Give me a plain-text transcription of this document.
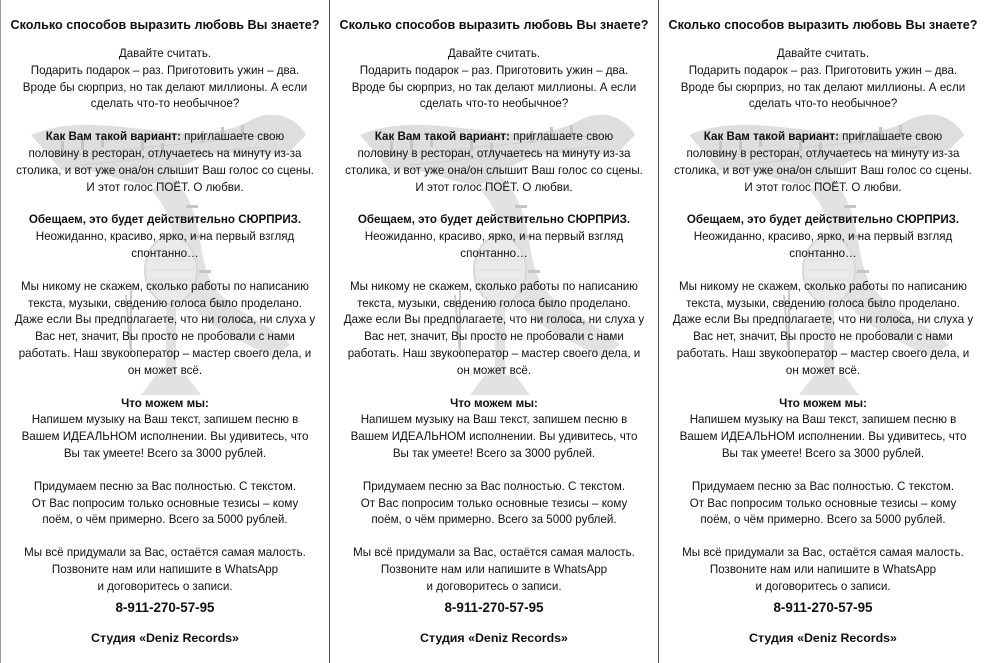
Сколько способов выразить любовь Вы знаете?

Давайте считать.
Подарить подарок – раз. Приготовить ужин – два.
Вроде бы сюрприз, но так делают миллионы. А если
сделать что-то необычное?

Как Вам такой вариант: приглашаете свою
половину в ресторан, отлучаетесь на минуту из-за
столика, и вот уже она/он слышит Ваш голос со сцены.
И этот голос ПОЁТ. О любви.

Обещаем, это будет действительно СЮРПРИЗ.
Неожиданно, красиво, ярко, и на первый взгляд
спонтанно…

Мы никому не скажем, сколько работы по написанию
текста, музыки, сведению голоса было проделано.
Даже если Вы предполагаете, что ни голоса, ни слуха у
Вас нет, значит, Вы просто не пробовали с нами
работать. Наш звукооператор – мастер своего дела, и
он может всё.

Что можем мы:

Напишем музыку на Ваш текст, запишем песню в
Вашем ИДЕАЛЬНОМ исполнении. Вы удивитесь, что
Вы так умеете! Всего за 3000 рублей.

Придумаем песню за Вас полностью. С текстом.
От Вас попросим только основные тезисы – кому
поём, о чём примерно. Всего за 5000 рублей.

Мы всё придумали за Вас, остаётся самая малость.
Позвоните нам или напишите в WhatsApp
и договоритесь о записи.

8-911-270-57-95

Студия «Deniz Records»

Сколько способов выразить любовь Вы знаете?

Давайте считать.
Подарить подарок – раз. Приготовить ужин – два.
Вроде бы сюрприз, но так делают миллионы. А если
сделать что-то необычное?

Как Вам такой вариант: приглашаете свою
половину в ресторан, отлучаетесь на минуту из-за
столика, и вот уже она/он слышит Ваш голос со сцены.
И этот голос ПОЁТ. О любви.

Обещаем, это будет действительно СЮРПРИЗ.
Неожиданно, красиво, ярко, и на первый взгляд
спонтанно…

Мы никому не скажем, сколько работы по написанию
текста, музыки, сведению голоса было проделано.
Даже если Вы предполагаете, что ни голоса, ни слуха у
Вас нет, значит, Вы просто не пробовали с нами
работать. Наш звукооператор – мастер своего дела, и
он может всё.

Что можем мы:

Напишем музыку на Ваш текст, запишем песню в
Вашем ИДЕАЛЬНОМ исполнении. Вы удивитесь, что
Вы так умеете! Всего за 3000 рублей.

Придумаем песню за Вас полностью. С текстом.
От Вас попросим только основные тезисы – кому
поём, о чём примерно. Всего за 5000 рублей.

Мы всё придумали за Вас, остаётся самая малость.
Позвоните нам или напишите в WhatsApp
и договоритесь о записи.

8-911-270-57-95

Студия «Deniz Records»

Сколько способов выразить любовь Вы знаете?

Давайте считать.
Подарить подарок – раз. Приготовить ужин – два.
Вроде бы сюрприз, но так делают миллионы. А если
сделать что-то необычное?

Как Вам такой вариант: приглашаете свою
половину в ресторан, отлучаетесь на минуту из-за
столика, и вот уже она/он слышит Ваш голос со сцены.
И этот голос ПОЁТ. О любви.

Обещаем, это будет действительно СЮРПРИЗ.
Неожиданно, красиво, ярко, и на первый взгляд
спонтанно…

Мы никому не скажем, сколько работы по написанию
текста, музыки, сведению голоса было проделано.
Даже если Вы предполагаете, что ни голоса, ни слуха у
Вас нет, значит, Вы просто не пробовали с нами
работать. Наш звукооператор – мастер своего дела, и
он может всё.

Что можем мы:

Напишем музыку на Ваш текст, запишем песню в
Вашем ИДЕАЛЬНОМ исполнении. Вы удивитесь, что
Вы так умеете! Всего за 3000 рублей.

Придумаем песню за Вас полностью. С текстом.
От Вас попросим только основные тезисы – кому
поём, о чём примерно. Всего за 5000 рублей.

Мы всё придумали за Вас, остаётся самая малость.
Позвоните нам или напишите в WhatsApp
и договоритесь о записи.

8-911-270-57-95

Студия «Deniz Records»
